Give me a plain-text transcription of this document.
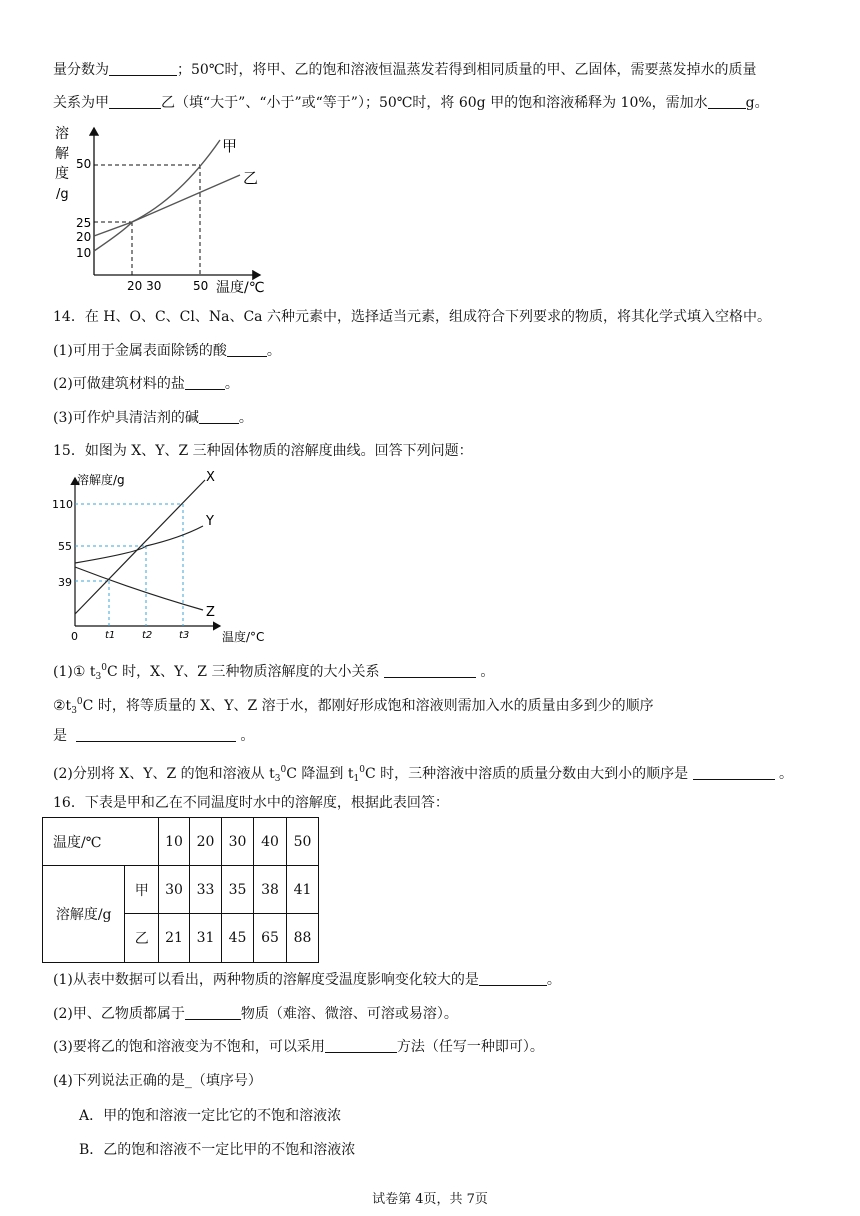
量分数为	；50℃时，将甲、乙的饱和溶液恒温蒸发若得到相同质量的甲、乙固体，需要蒸发掉水的质量
关系为甲	乙（填“大于”、“小于”或“等于”）；50℃时，将 60g 甲的饱和溶液稀释为 10%，需加水	g。
溶
解
度
/g
50
25
20
10
甲
乙
20 30	50 温度/℃
14．在 H、O、C、Cl、Na、Ca 六种元素中，选择适当元素，组成符合下列要求的物质，将其化学式填入空格中。
(1)可用于金属表面除锈的酸	。
(2)可做建筑材料的盐	。
(3)可作炉具清洁剂的碱	。
15．如图为 X、Y、Z 三种固体物质的溶解度曲线。回答下列问题：
溶解度/g
110
55
39
X
Y
Z
0	t1	t2	t3	温度/°C
(1)① $t_3^0C$ 时，X、Y、Z 三种物质溶解度的大小关系	。
$②t_3^0C$ 时，将等质量的 X、Y、Z 溶于水，都刚好形成饱和溶液则需加入水的质量由多到少的顺序
是	。
(2)分别将 X、Y、Z 的饱和溶液从 $t_3^0C$ 降温到 $t_1^0C$ 时，三种溶液中溶质的质量分数由大到小的顺序是	。
16．下表是甲和乙在不同温度时水中的溶解度，根据此表回答：
温度/℃		10	20	30	40	50
溶解度/g	甲	30	33	35	38	41
	乙	21	31	45	65	88
(1)从表中数据可以看出，两种物质的溶解度受温度影响变化较大的是	。
(2)甲、乙物质都属于	物质（难溶、微溶、可溶或易溶）。
(3)要将乙的饱和溶液变为不饱和，可以采用	方法（任写一种即可）。
(4)下列说法正确的是_（填序号）
A．甲的饱和溶液一定比它的不饱和溶液浓
B．乙的饱和溶液不一定比甲的不饱和溶液浓
试卷第 4页，共 7页
